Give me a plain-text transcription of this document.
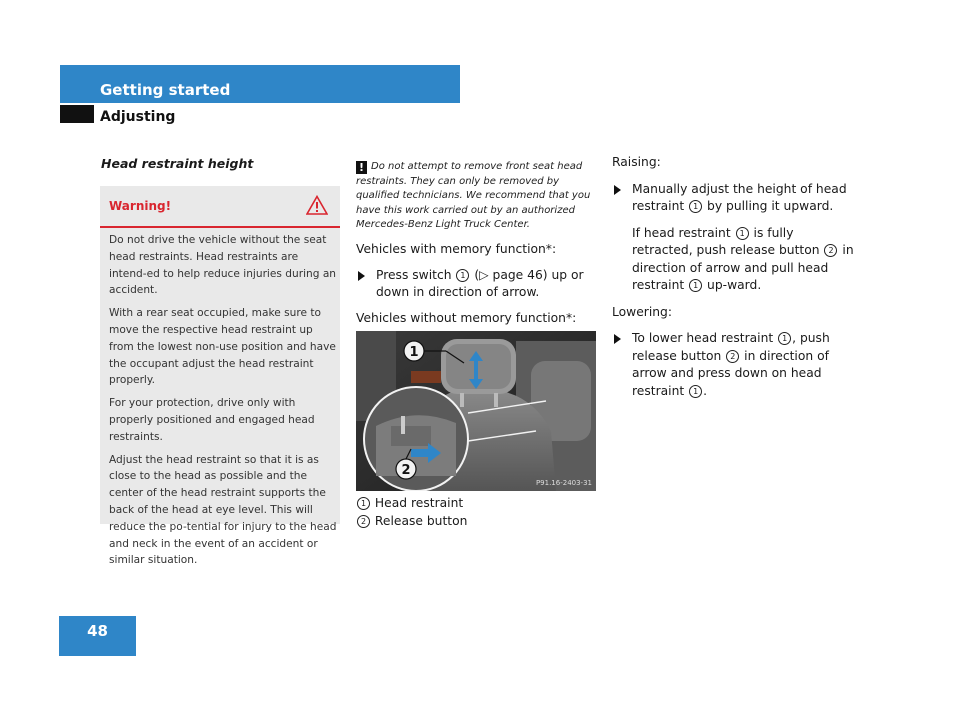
Getting started
Adjusting
Head restraint height
Warning!

Do not drive the vehicle without the seat head restraints. Head restraints are intend-ed to help reduce injuries during an accident.

With a rear seat occupied, make sure to move the respective head restraint up from the lowest non-use position and have the occupant adjust the head restraint properly.

For your protection, drive only with properly positioned and engaged head restraints.

Adjust the head restraint so that it is as close to the head as possible and the center of the head restraint supports the back of the head at eye level. This will reduce the po-tential for injury to the head and neck in the event of an accident or similar situation.

! Do not attempt to remove front seat head restraints. They can only be removed by qualified technicians. We recommend that you have this work carried out by an authorized Mercedes-Benz Light Truck Center.

Vehicles with memory function*:

Press switch 1 (▷ page 46) up or down in direction of arrow.

Vehicles without memory function*:

1
2
P91.16-2403-31

1 Head restraint

2 Release button

Raising:

Manually adjust the height of head restraint 1 by pulling it upward.

If head restraint 1 is fully retracted, push release button 2 in direction of arrow and pull head restraint 1 up-ward.

Lowering:

To lower head restraint 1 , push release button 2 in direction of arrow and press down on head restraint 1 .

48
